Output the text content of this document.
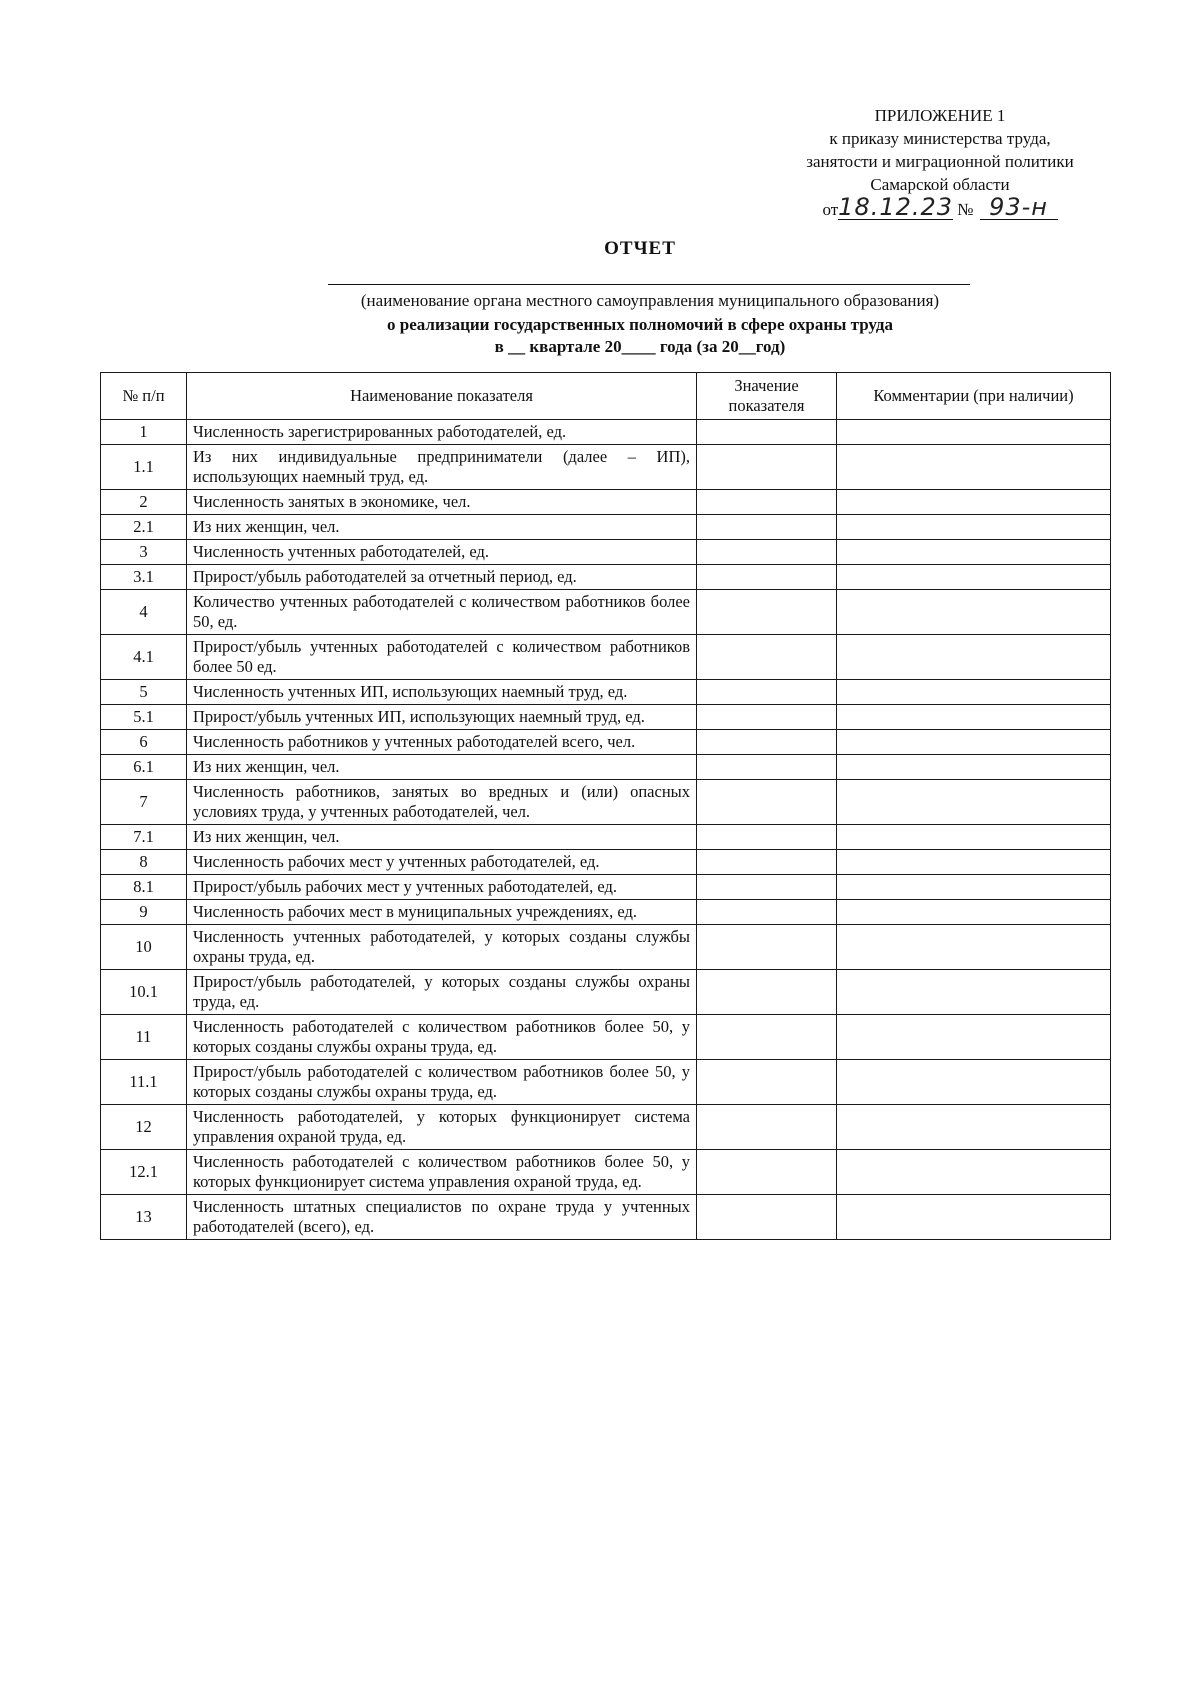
ПРИЛОЖЕНИЕ 1
к приказу министерства труда,
занятости и миграционной политики
Самарской области
от18.12.23 № 93-н
ОТЧЕТ
(наименование органа местного самоуправления муниципального образования)
о реализации государственных полномочий в сфере охраны труда
в __ квартале 20____ года (за 20__год)
№ п/п	Наименование показателя	Значение показателя	Комментарии (при наличии)
1	Численность зарегистрированных работодателей, ед.		
1.1	Из них индивидуальные предприниматели (далее – ИП), использующих наемный труд, ед.		
2	Численность занятых в экономике, чел.		
2.1	Из них женщин, чел.		
3	Численность учтенных работодателей, ед.		
3.1	Прирост/убыль работодателей за отчетный период, ед.		
4	Количество учтенных работодателей с количеством работников более 50, ед.		
4.1	Прирост/убыль учтенных работодателей с количеством работников более 50 ед.		
5	Численность учтенных ИП, использующих наемный труд, ед.		
5.1	Прирост/убыль учтенных ИП, использующих наемный труд, ед.		
6	Численность работников у учтенных работодателей всего, чел.		
6.1	Из них женщин, чел.		
7	Численность работников, занятых во вредных и (или) опасных условиях труда, у учтенных работодателей, чел.		
7.1	Из них женщин, чел.		
8	Численность рабочих мест у учтенных работодателей, ед.		
8.1	Прирост/убыль рабочих мест у учтенных работодателей, ед.		
9	Численность рабочих мест в муниципальных учреждениях, ед.		
10	Численность учтенных работодателей, у которых созданы службы охраны труда, ед.		
10.1	Прирост/убыль работодателей, у которых созданы службы охраны труда, ед.		
11	Численность работодателей с количеством работников более 50, у которых созданы службы охраны труда, ед.		
11.1	Прирост/убыль работодателей с количеством работников более 50, у которых созданы службы охраны труда, ед.		
12	Численность работодателей, у которых функционирует система управления охраной труда, ед.		
12.1	Численность работодателей с количеством работников более 50, у которых функционирует система управления охраной труда, ед.		
13	Численность штатных специалистов по охране труда у учтенных работодателей (всего), ед.		
